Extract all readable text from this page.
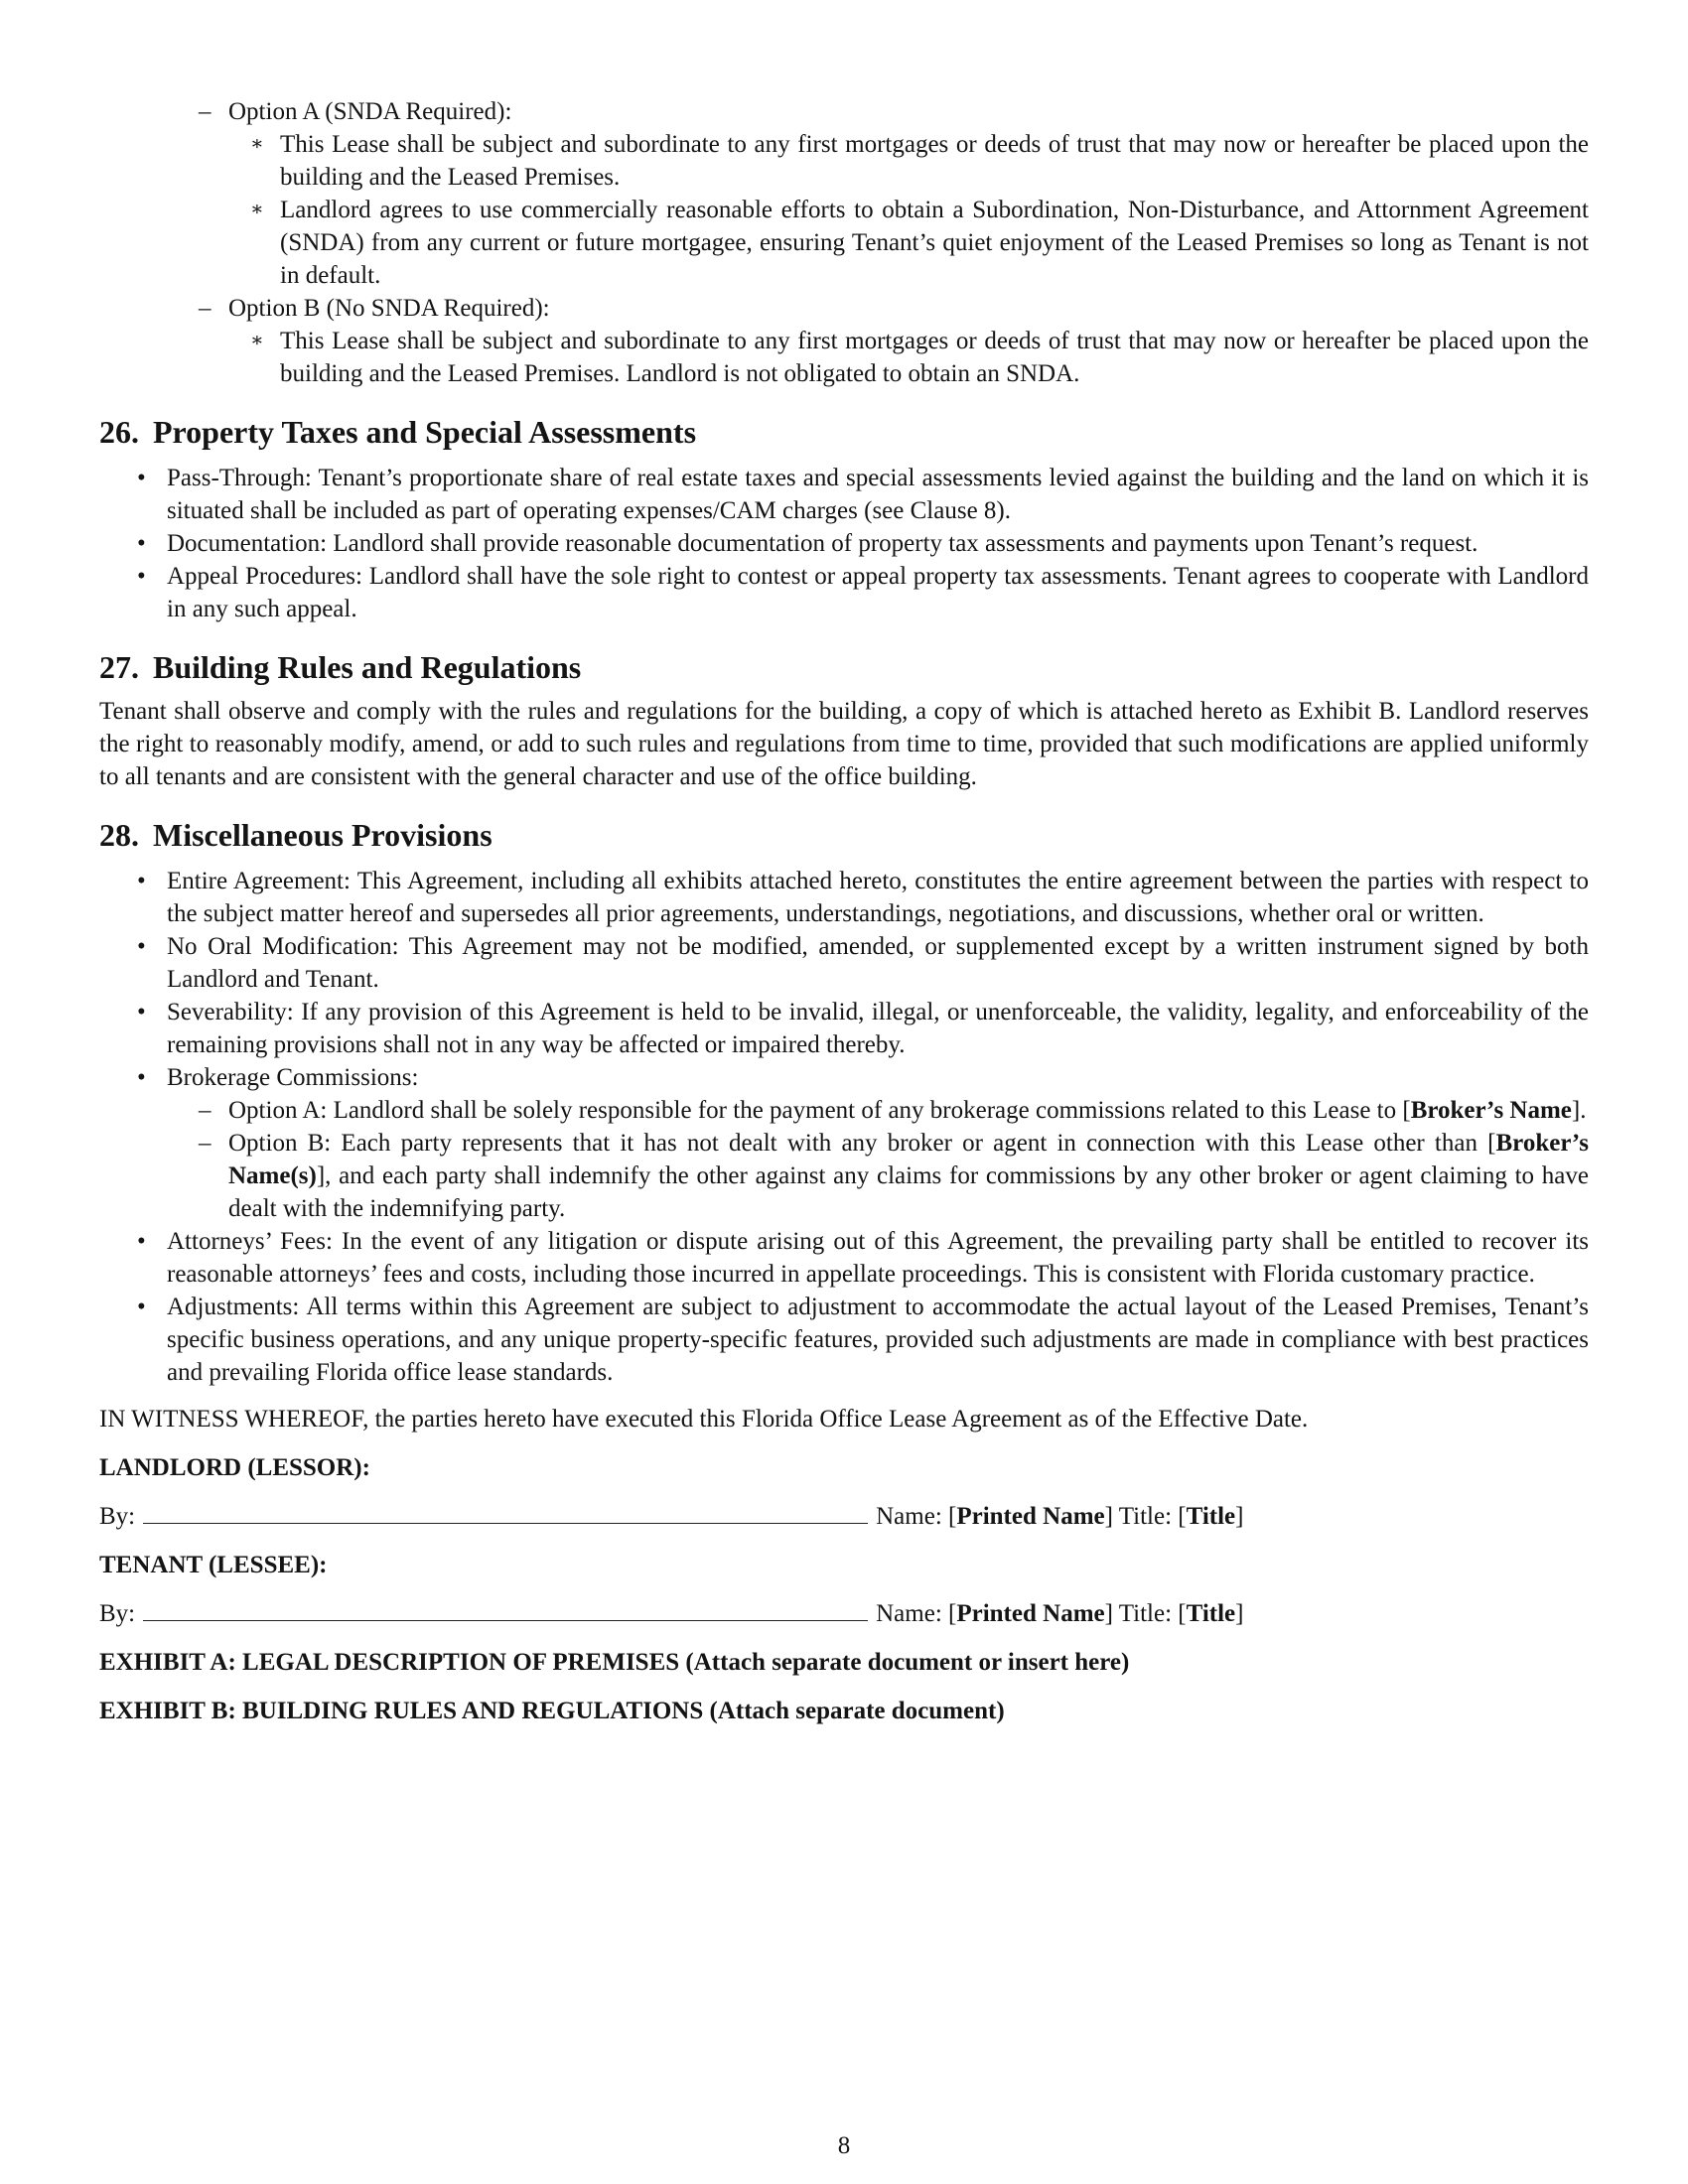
– Option A (SNDA Required):
∗ This Lease shall be subject and subordinate to any first mortgages or deeds of trust that may now or hereafter be placed upon the building and the Leased Premises.
∗ Landlord agrees to use commercially reasonable efforts to obtain a Subordination, Non-Disturbance, and Attornment Agreement (SNDA) from any current or future mortgagee, ensuring Tenant’s quiet enjoyment of the Leased Premises so long as Tenant is not in default.
– Option B (No SNDA Required):
∗ This Lease shall be subject and subordinate to any first mortgages or deeds of trust that may now or hereafter be placed upon the building and the Leased Premises. Landlord is not obligated to obtain an SNDA.
26. Property Taxes and Special Assessments
• Pass-Through: Tenant’s proportionate share of real estate taxes and special assessments levied against the building and the land on which it is situated shall be included as part of operating expenses/CAM charges (see Clause 8).
• Documentation: Landlord shall provide reasonable documentation of property tax assessments and payments upon Tenant’s request.
• Appeal Procedures: Landlord shall have the sole right to contest or appeal property tax assessments. Tenant agrees to cooperate with Landlord in any such appeal.
27. Building Rules and Regulations
Tenant shall observe and comply with the rules and regulations for the building, a copy of which is attached hereto as Exhibit B. Landlord reserves the right to reasonably modify, amend, or add to such rules and regulations from time to time, provided that such modifications are applied uniformly to all tenants and are consistent with the general character and use of the office building.
28. Miscellaneous Provisions
• Entire Agreement: This Agreement, including all exhibits attached hereto, constitutes the entire agreement between the parties with respect to the subject matter hereof and supersedes all prior agreements, understandings, negotiations, and discussions, whether oral or written.
• No Oral Modification: This Agreement may not be modified, amended, or supplemented except by a written instrument signed by both Landlord and Tenant.
• Severability: If any provision of this Agreement is held to be invalid, illegal, or unenforceable, the validity, legality, and enforceability of the remaining provisions shall not in any way be affected or impaired thereby.
• Brokerage Commissions:
– Option A: Landlord shall be solely responsible for the payment of any brokerage commissions related to this Lease to [Broker’s Name].
– Option B: Each party represents that it has not dealt with any broker or agent in connection with this Lease other than [Broker’s Name(s)], and each party shall indemnify the other against any claims for commissions by any other broker or agent claiming to have dealt with the indemnifying party.
• Attorneys’ Fees: In the event of any litigation or dispute arising out of this Agreement, the prevailing party shall be entitled to recover its reasonable attorneys’ fees and costs, including those incurred in appellate proceedings. This is consistent with Florida customary practice.
• Adjustments: All terms within this Agreement are subject to adjustment to accommodate the actual layout of the Leased Premises, Tenant’s specific business operations, and any unique property-specific features, provided such adjustments are made in compliance with best practices and prevailing Florida office lease standards.
IN WITNESS WHEREOF, the parties hereto have executed this Florida Office Lease Agreement as of the Effective Date.
LANDLORD (LESSOR):
By:	Name: [ Printed Name ] Title: [ Title ]
TENANT (LESSEE):
By:	Name: [ Printed Name ] Title: [ Title ]
EXHIBIT A: LEGAL DESCRIPTION OF PREMISES (Attach separate document or insert here)
EXHIBIT B: BUILDING RULES AND REGULATIONS (Attach separate document)
8
